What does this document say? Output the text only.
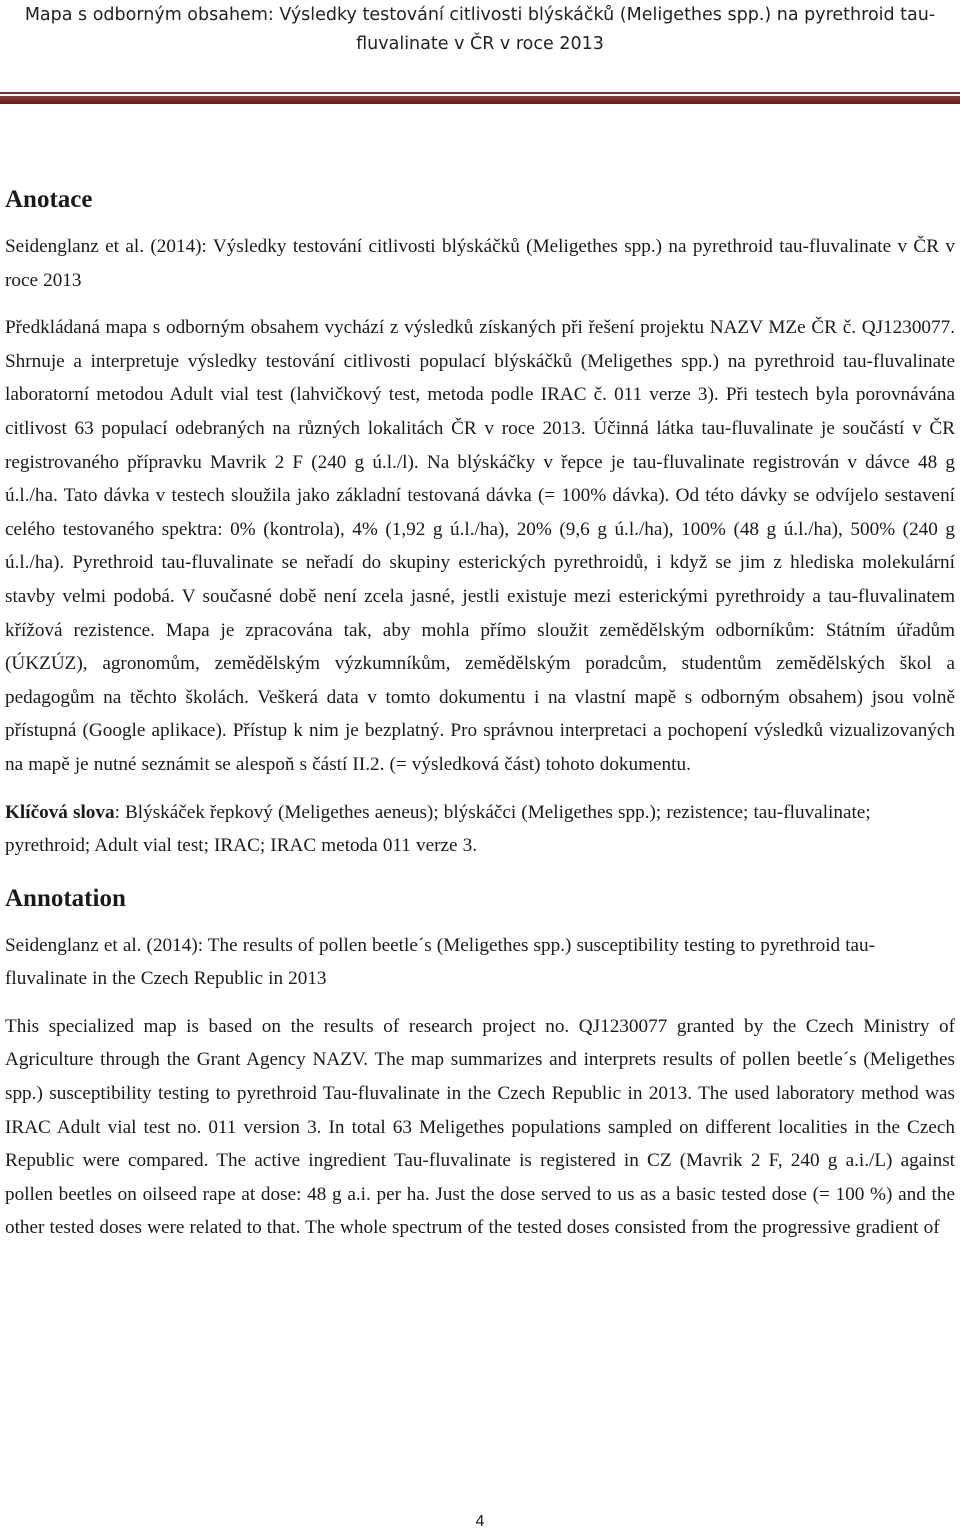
Mapa s odborným obsahem: Výsledky testování citlivosti blýskáčků (Meligethes spp.) na pyrethroid tau-
fluvalinate v ČR v roce 2013
Anotace

Seidenglanz et al. (2014): Výsledky testování citlivosti blýskáčků (Meligethes spp.) na pyrethroid tau-fluvalinate v ČR v roce 2013

Předkládaná mapa s odborným obsahem vychází z výsledků získaných při řešení projektu NAZV MZe ČR č. QJ1230077. Shrnuje a interpretuje výsledky testování citlivosti populací blýskáčků (Meligethes spp.) na pyrethroid tau-fluvalinate laboratorní metodou Adult vial test (lahvičkový test, metoda podle IRAC č. 011 verze 3). Při testech byla porovnávána citlivost 63 populací odebraných na různých lokalitách ČR v roce 2013. Účinná látka tau-fluvalinate je součástí v ČR registrovaného přípravku Mavrik 2 F (240 g ú.l./l). Na blýskáčky v řepce je tau-fluvalinate registrován v dávce 48 g ú.l./ha. Tato dávka v testech sloužila jako základní testovaná dávka (= 100% dávka). Od této dávky se odvíjelo sestavení celého testovaného spektra: 0% (kontrola), 4% (1,92 g ú.l./ha), 20% (9,6 g ú.l./ha), 100% (48 g ú.l./ha), 500% (240 g ú.l./ha). Pyrethroid tau-fluvalinate se neřadí do skupiny esterických pyrethroidů, i když se jim z hlediska molekulární stavby velmi podobá. V současné době není zcela jasné, jestli existuje mezi esterickými pyrethroidy a tau-fluvalinatem křížová rezistence. Mapa je zpracována tak, aby mohla přímo sloužit zemědělským odborníkům: Státním úřadům (ÚKZÚZ), agronomům, zemědělským výzkumníkům, zemědělským poradcům, studentům zemědělských škol a pedagogům na těchto školách. Veškerá data v tomto dokumentu i na vlastní mapě s odborným obsahem) jsou volně přístupná (Google aplikace). Přístup k nim je bezplatný. Pro správnou interpretaci a pochopení výsledků vizualizovaných na mapě je nutné seznámit se alespoň s částí II.2. (= výsledková část) tohoto dokumentu.

Klíčová slova: Blýskáček řepkový (Meligethes aeneus); blýskáčci (Meligethes spp.); rezistence; tau-fluvalinate; pyrethroid; Adult vial test; IRAC; IRAC metoda 011 verze 3.

Annotation

Seidenglanz et al. (2014): The results of pollen beetle´s (Meligethes spp.) susceptibility testing to pyrethroid tau-fluvalinate in the Czech Republic in 2013

This specialized map is based on the results of research project no. QJ1230077 granted by the Czech Ministry of Agriculture through the Grant Agency NAZV. The map summarizes and interprets results of pollen beetle´s (Meligethes spp.) susceptibility testing to pyrethroid Tau-fluvalinate in the Czech Republic in 2013. The used laboratory method was IRAC Adult vial test no. 011 version 3. In total 63 Meligethes populations sampled on different localities in the Czech Republic were compared. The active ingredient Tau-fluvalinate is registered in CZ (Mavrik 2 F, 240 g a.i./L) against pollen beetles on oilseed rape at dose: 48 g a.i. per ha. Just the dose served to us as a basic tested dose (= 100 %) and the other tested doses were related to that. The whole spectrum of the tested doses consisted from the progressive gradient of

4
